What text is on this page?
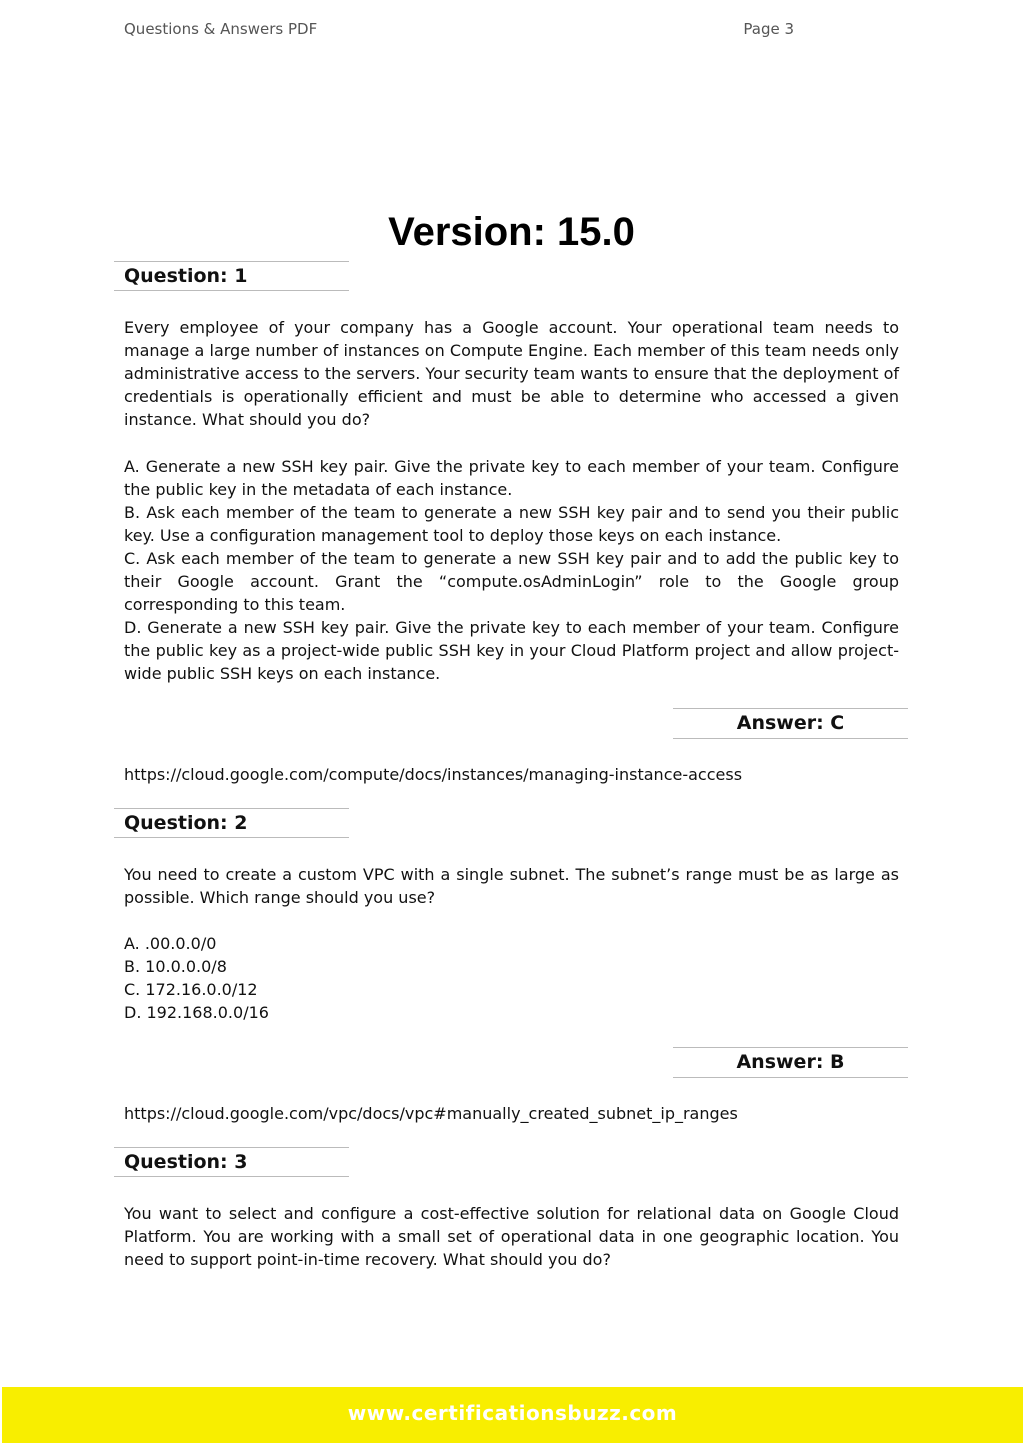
Questions & Answers PDF	Page 3
Version: 15.0
Question: 1

Every employee of your company has a Google account. Your operational team needs to manage a large number of instances on Compute Engine. Each member of this team needs only administrative access to the servers. Your security team wants to ensure that the deployment of credentials is operationally efficient and must be able to determine who accessed a given instance. What should you do?

A. Generate a new SSH key pair. Give the private key to each member of your team. Configure the public key in the metadata of each instance.
B. Ask each member of the team to generate a new SSH key pair and to send you their public key. Use a configuration management tool to deploy those keys on each instance.
C. Ask each member of the team to generate a new SSH key pair and to add the public key to their Google account. Grant the “compute.osAdminLogin” role to the Google group corresponding to this team.
D. Generate a new SSH key pair. Give the private key to each member of your team. Configure the public key as a project-wide public SSH key in your Cloud Platform project and allow project-wide public SSH keys on each instance.
Answer: C
https://cloud.google.com/compute/docs/instances/managing-instance-access
Question: 2

You need to create a custom VPC with a single subnet. The subnet’s range must be as large as possible. Which range should you use?

A. .00.0.0/0
B. 10.0.0.0/8
C. 172.16.0.0/12
D. 192.168.0.0/16
Answer: B
https://cloud.google.com/vpc/docs/vpc#manually_created_subnet_ip_ranges
Question: 3

You want to select and configure a cost-effective solution for relational data on Google Cloud Platform. You are working with a small set of operational data in one geographic location. You need to support point-in-time recovery. What should you do?

www.certificationsbuzz.com
